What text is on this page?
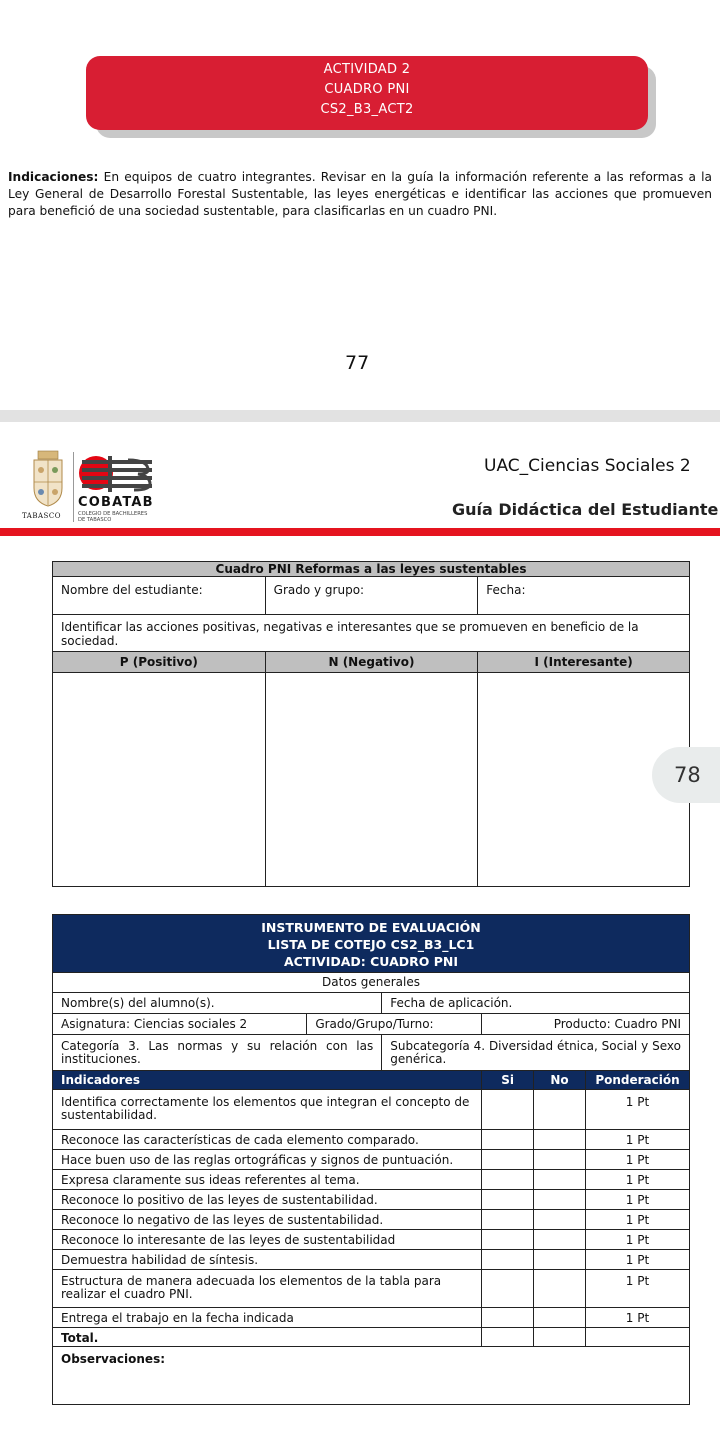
ACTIVIDAD 2
CUADRO PNI
CS2_B3_ACT2
Indicaciones: En equipos de cuatro integrantes. Revisar en la guía la información referente a las reformas a la Ley General de Desarrollo Forestal Sustentable, las leyes energéticas e identificar las acciones que promueven para benefició de una sociedad sustentable, para clasificarlas en un cuadro PNI.
77
TABASCO
COBATAB
COLEGIO DE BACHILLERES
DE TABASCO
UAC_Ciencias Sociales 2
Guía Didáctica del Estudiante
Cuadro PNI Reformas a las leyes sustentables		
Nombre del estudiante:	Grado y grupo:	Fecha:
Identificar las acciones positivas, negativas e interesantes que se promueven en beneficio de la sociedad.		
P (Positivo)	N (Negativo)	I (Interesante)

78
INSTRUMENTO DE EVALUACIÓN
LISTA DE COTEJO CS2_B3_LC1
ACTIVIDAD: CUADRO PNI					

Datos generales					
Nombre(s) del alumno(s).		Fecha de aplicación.			
Asignatura: Ciencias sociales 2	Grado/Grupo/Turno:		Producto: Cuadro PNI		
Categoría 3. Las normas y su relación con las instituciones.		Subcategoría 4. Diversidad étnica, Social y Sexo genérica.			
Indicadores			Si	No	Ponderación
Identifica correctamente los elementos que integran el concepto de sustentabilidad.					1 Pt
Reconoce las características de cada elemento comparado.					1 Pt
Hace buen uso de las reglas ortográficas y signos de puntuación.					1 Pt
Expresa claramente sus ideas referentes al tema.					1 Pt
Reconoce lo positivo de las leyes de sustentabilidad.					1 Pt
Reconoce lo negativo de las leyes de sustentabilidad.					1 Pt
Reconoce lo interesante de las leyes de sustentabilidad					1 Pt
Demuestra habilidad de síntesis.					1 Pt
Estructura de manera adecuada los elementos de la tabla para realizar el cuadro PNI.					1 Pt
Entrega el trabajo en la fecha indicada					1 Pt
Total.					
Observaciones:					
